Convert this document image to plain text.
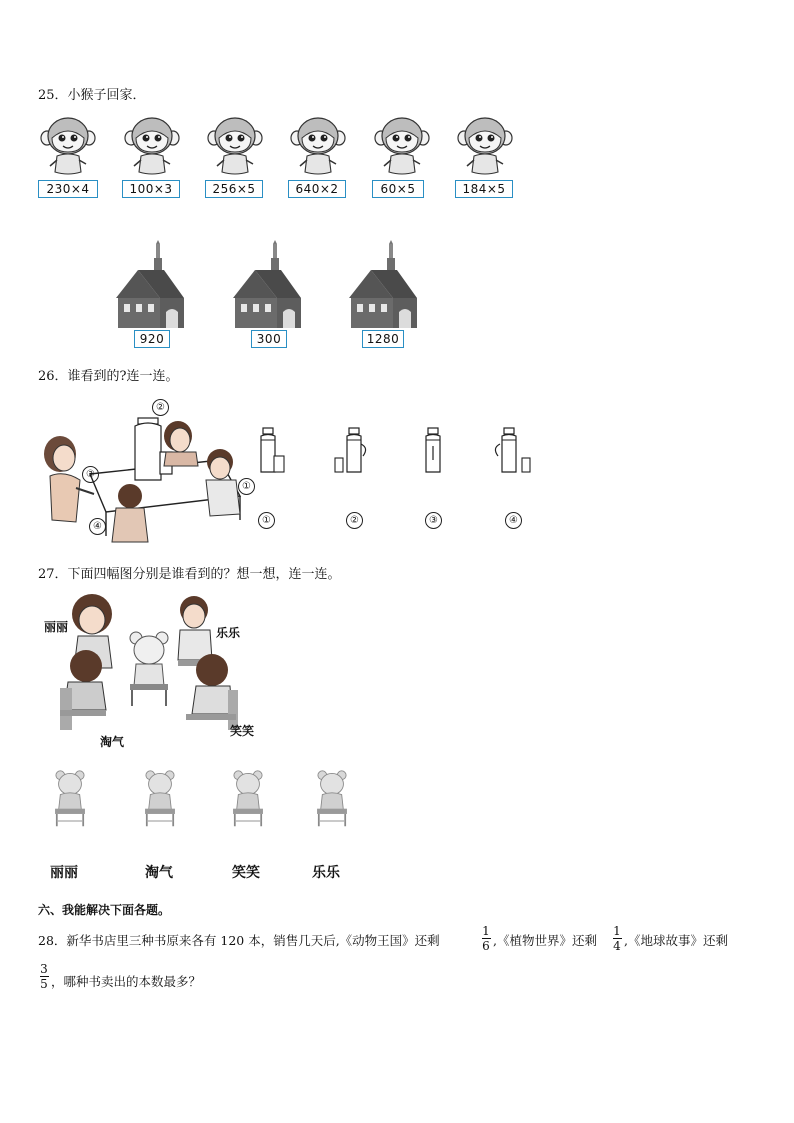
25．小猴子回家．
230×4	100×3	256×5	640×2	60×5	184×5
920	300	1280
26．谁看到的?连一连。
②
③
①
④
①	②	③	④
27．下面四幅图分别是谁看到的？想一想，连一连。
丽丽	乐乐
淘气
笑笑
丽丽	淘气	笑笑	乐乐
六、我能解决下面各题。
28．新华书店里三种书原来各有 120 本，销售几天后,《动物王国》还剩
1
6 ,《植物世界》还剩
1
4 ,《地球故事》还剩
3
5 ，哪种书卖出的本数最多？
